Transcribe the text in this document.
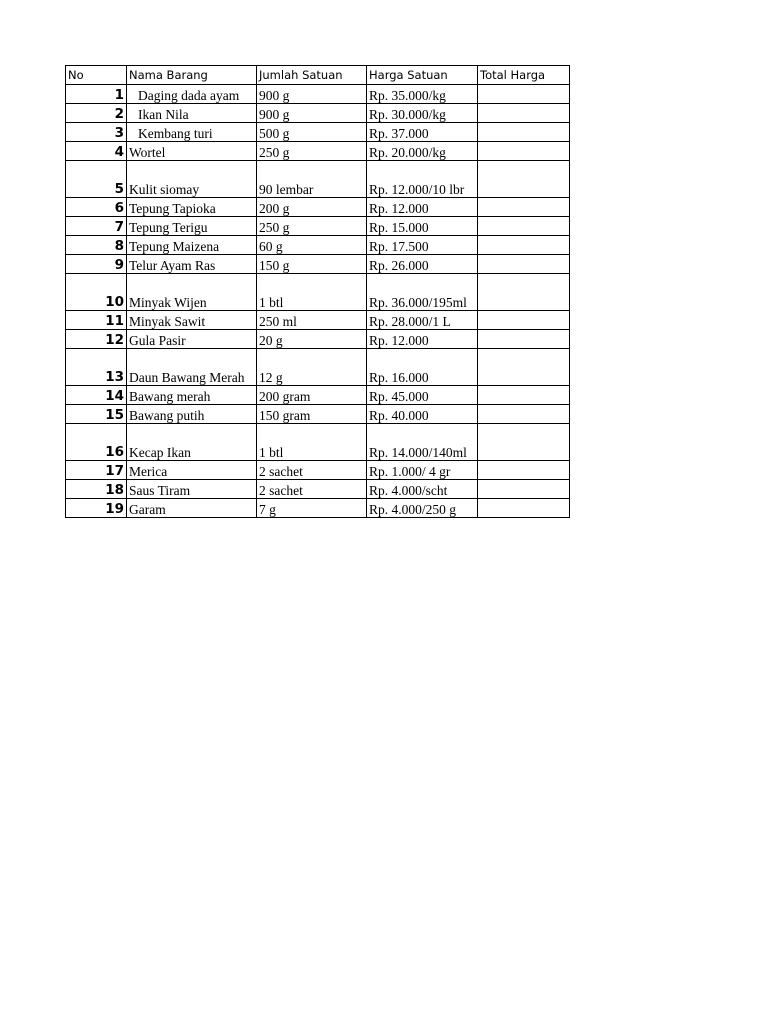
No	Nama Barang	Jumlah Satuan	Harga Satuan	Total Harga
1	Daging dada ayam	900 g	Rp. 35.000/kg	
2	Ikan Nila	900 g	Rp. 30.000/kg	
3	Kembang turi	500 g	Rp. 37.000	
4	Wortel	250 g	Rp. 20.000/kg	
5	Kulit siomay	90 lembar	Rp. 12.000/10 lbr	
6	Tepung Tapioka	200 g	Rp. 12.000	
7	Tepung Terigu	250 g	Rp. 15.000	
8	Tepung Maizena	60 g	Rp. 17.500	
9	Telur Ayam Ras	150 g	Rp. 26.000	
10	Minyak Wijen	1 btl	Rp. 36.000/195ml	
11	Minyak Sawit	250 ml	Rp. 28.000/1 L	
12	Gula Pasir	20 g	Rp. 12.000	
13	Daun Bawang Merah	12 g	Rp. 16.000	
14	Bawang merah	200 gram	Rp. 45.000	
15	Bawang putih	150 gram	Rp. 40.000	
16	Kecap Ikan	1 btl	Rp. 14.000/140ml	
17	Merica	2 sachet	Rp. 1.000/ 4 gr	
18	Saus Tiram	2 sachet	Rp. 4.000/scht	
19	Garam	7 g	Rp. 4.000/250 g	
